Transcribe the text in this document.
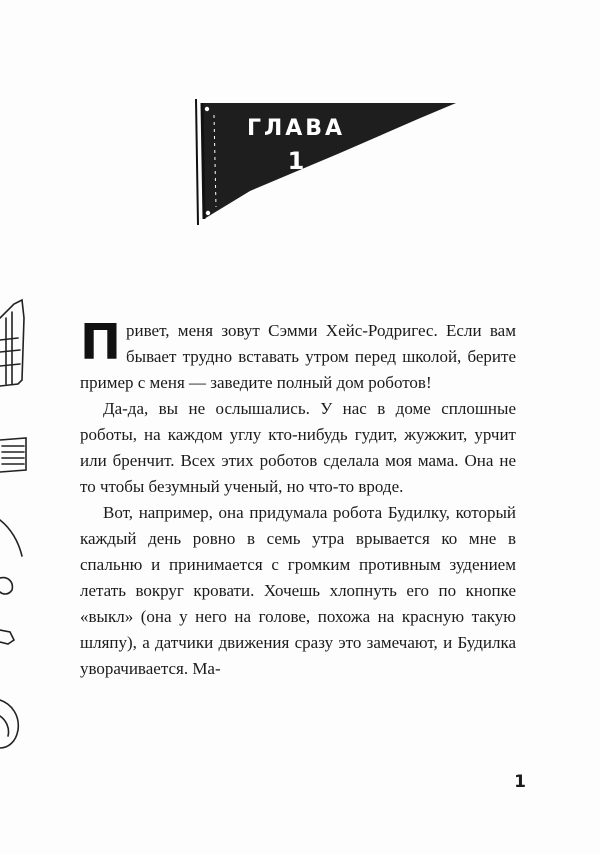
ГЛАВА
1

Привет, меня зовут Сэмми Хейс-Родригес. Если вам бывает трудно вставать утром перед школой, берите пример с меня — заведите полный дом роботов!

Да-да, вы не ослышались. У нас в доме сплошные роботы, на каждом углу кто-нибудь гудит, жужжит, урчит или бренчит. Всех этих роботов сделала моя мама. Она не то чтобы безумный ученый, но что-то вроде.

Вот, например, она придумала робота Будилку, который каждый день ровно в семь утра врывается ко мне в спальню и принимается с громким противным зудением летать вокруг кровати. Хочешь хлопнуть его по кнопке «выкл» (она у него на голове, похожа на красную такую шляпу), а датчики движения сразу это замечают, и Будилка уворачивается. Ма-

1
